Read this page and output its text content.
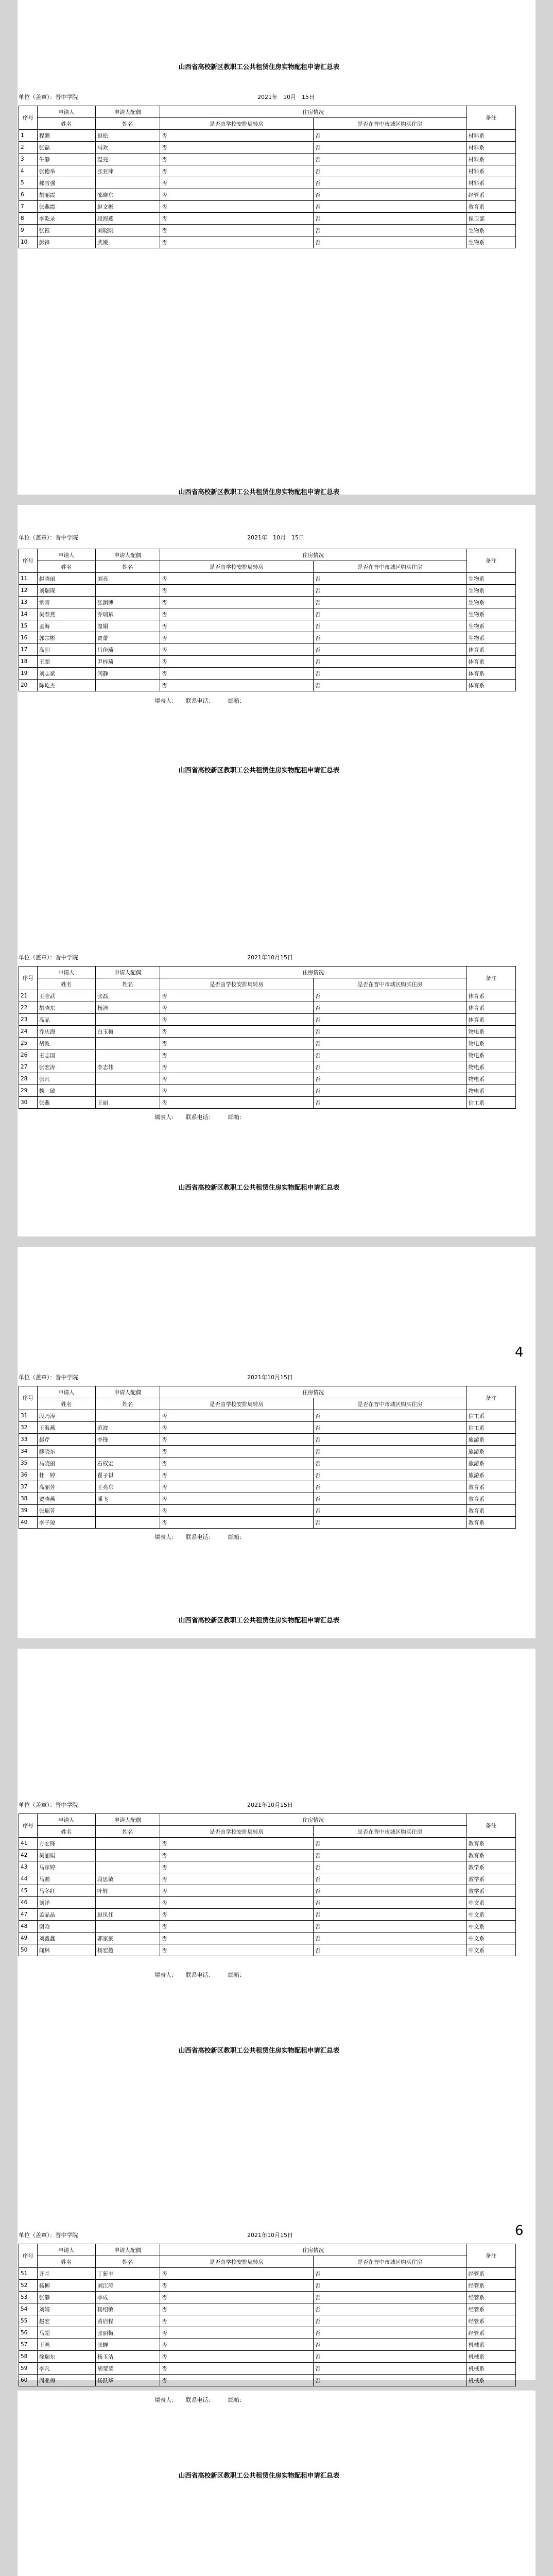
山西省高校新区教职工公共租赁住房实物配租申请汇总表
单位（盖章）：晋中学院	2021年　10月　15日
序号	申请人	申请人配偶	住房情况		备注
	姓名	姓名	是否由学校安排周转房	是否在晋中市城区购买住房	
1	程鹏	赵松	否	否	材料系
2	张磊	马欢	否	否	材料系
3	牛静	温亮	否	否	材料系
4	张德举	张亚萍	否	否	材料系
5	郝雪强		否	否	材料系
6	胡丽霞	邵晓东	否	否	经管系
7	张燕霞	赵文彬	否	否	教育系
8	李乾录	段海燕	否	否	保卫部
9	张钰	刘晓刚	否	否	生物系
10	彭锋	武媛	否	否	生物系
山西省高校新区教职工公共租赁住房实物配租申请汇总表
单位（盖章）：晋中学院	2021年　10月　15日
序号	申请人	申请人配偶	住房情况		备注
	姓名	姓名	是否由学校安排周转房	是否在晋中市城区购买住房	
11	赵晓丽	刘亮	否	否	生物系
12	刘瑞琛		否	否	生物系
13	常青	张渊博	否	否	生物系
14	吴春燕	乔瑞斌	否	否	生物系
15	孟海	温娟	否	否	生物系
16	郭宗彬	贾蕾	否	否	生物系
17	高阳	吕佳琦	否	否	体育系
18	王超	尹梓琦	否	否	体育系
19	刘志斌	闫静	否	否	体育系
20	陈屹杰		否	否	体育系
填表人：　　联系电话：　　　邮箱：
山西省高校新区教职工公共租赁住房实物配租申请汇总表
单位（盖章）：晋中学院	2021年10月15日
序号	申请人	申请人配偶	住房情况		备注
	姓名	姓名	是否由学校安排周转房	是否在晋中市城区购买住房	
21	王金武	张磊	否	否	体育系
22	胡晓东	杨洁	否	否	体育系
23	高晶		否	否	体育系
24	乔庆海	白玉梅	否	否	物电系
25	胡波		否	否	物电系
26	王志国		否	否	物电系
27	张宏涛	李志伟	否	否	物电系
28	张凡		否	否	物电系
29	魏　敏		否	否	物电系
30	张燕	王丽	否	否	信工系
填表人：　　联系电话：　　　邮箱：
山西省高校新区教职工公共租赁住房实物配租申请汇总表
单位（盖章）：晋中学院	2021年10月15日
序号	申请人	申请人配偶	住房情况		备注
	姓名	姓名	是否由学校安排周转房	是否在晋中市城区购买住房	
31	段乃涛		否	否	信工系
32	王海燕	范波	否	否	信工系
33	赵芹	李锋	否	否	旅游系
34	薛晓东		否	否	旅游系
35	马晓丽	石权宏	否	否	旅游系
36	杜　婷	翟子祺	否	否	旅游系
37	高丽芳	王亮东	否	否	教育系
38	贾晓燕	潘飞	否	否	教育系
39	张瑞芳		否	否	教育系
40	李子琼		否	否	教育系
填表人：　　联系电话：　　　邮箱：
山西省高校新区教职工公共租赁住房实物配租申请汇总表
单位（盖章）：晋中学院	2021年10月15日
序号	申请人	申请人配偶	住房情况		备注
	姓名	姓名	是否由学校安排周转房	是否在晋中市城区购买住房	
41	方宏锋		否	否	教育系
42	吴丽娟		否	否	教育系
43	马彦婷		否	否	教学系
44	马鹏	段思敏	否	否	教学系
45	马冬红	叶辉	否	否	教学系
46	刘洋		否	否	中文系
47	孟晶晶	赵凤任	否	否	中文系
48	谢晗		否	否	中文系
49	刘鑫鑫	郭家豪	否	否	中文系
50	闻林	杨宏超	否	否	中文系
填表人：　　联系电话：　　　邮箱：
山西省高校新区教职工公共租赁住房实物配租申请汇总表
单位（盖章）：晋中学院	2021年10月15日
序号	申请人	申请人配偶	住房情况		备注
	姓名	姓名	是否由学校安排周转房	是否在晋中市城区购买住房	
51	齐兰	丁新丰	否	否	经管系
52	杨柳	刘江涛	否	否	经管系
53	张静	李成	否	否	经管系
54	刘婧	杨绍敏	否	否	经管系
55	赵宏	苗启程	否	否	经管系
56	马超	张丽梅	否	否	经管系
57	王鸿	张蝉	否	否	机械系
58	徐瑞东	杨玉洁	否	否	机械系
59	李凡	胡莹莹	否	否	机械系
60	周亚梅	杨跃华	否	否	机械系
填表人：　　联系电话：　　　邮箱：
山西省高校新区教职工公共租赁住房实物配租申请汇总表

4
6
